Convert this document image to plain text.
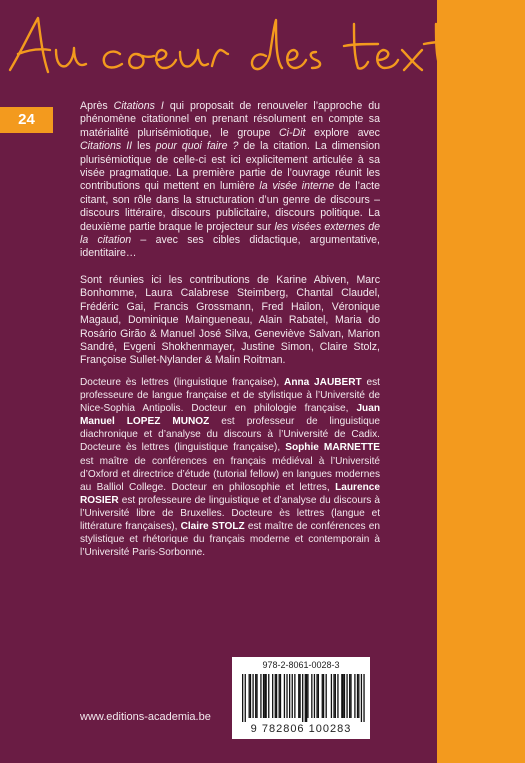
24

Après Citations I qui proposait de renouveler l’approche du phénomène citationnel en prenant résolument en compte sa matérialité plurisémiotique, le groupe Ci-Dit explore avec Citations II les pour quoi faire ? de la citation. La dimension plurisémiotique de celle-ci est ici explicitement articulée à sa visée pragmatique. La première partie de l’ouvrage réunit les contributions qui mettent en lumière la visée interne de l’acte citant, son rôle dans la structuration d’un genre de discours – discours littéraire, discours publicitaire, discours politique. La deuxième partie braque le projecteur sur les visées externes de la citation – avec ses cibles didactique, argumentative, identitaire…

Sont réunies ici les contributions de Karine Abiven, Marc Bonhomme, Laura Calabrese Steimberg, Chantal Claudel, Frédéric Gai, Francis Grossmann, Fred Hailon, Véronique Magaud, Dominique Maingueneau, Alain Rabatel, Maria do Rosário Girão & Manuel José Silva, Geneviève Salvan, Marion Sandré, Evgeni Shokhenmayer, Justine Simon, Claire Stolz, Françoise Sullet-Nylander & Malin Roitman.

Docteure ès lettres (linguistique française), Anna JAUBERT est professeure de langue française et de stylistique à l’Université de Nice-Sophia Antipolis. Docteur en philologie française, Juan Manuel LOPEZ MUNOZ est professeur de linguistique diachronique et d’analyse du discours à l’Université de Cadix. Docteure ès lettres (linguistique française), Sophie MARNETTE est maître de conférences en français médiéval à l’Université d’Oxford et directrice d’étude (tutorial fellow) en langues modernes au Balliol College. Docteur en philosophie et lettres, Laurence ROSIER est professeure de linguistique et d’analyse du discours à l’Université libre de Bruxelles. Docteure ès lettres (langue et littérature françaises), Claire STOLZ est maître de conférences en stylistique et rhétorique du français moderne et contemporain à l’Université Paris-Sorbonne.

978-2-8061-0028-3
9 782806 100283
www.editions-academia.be
